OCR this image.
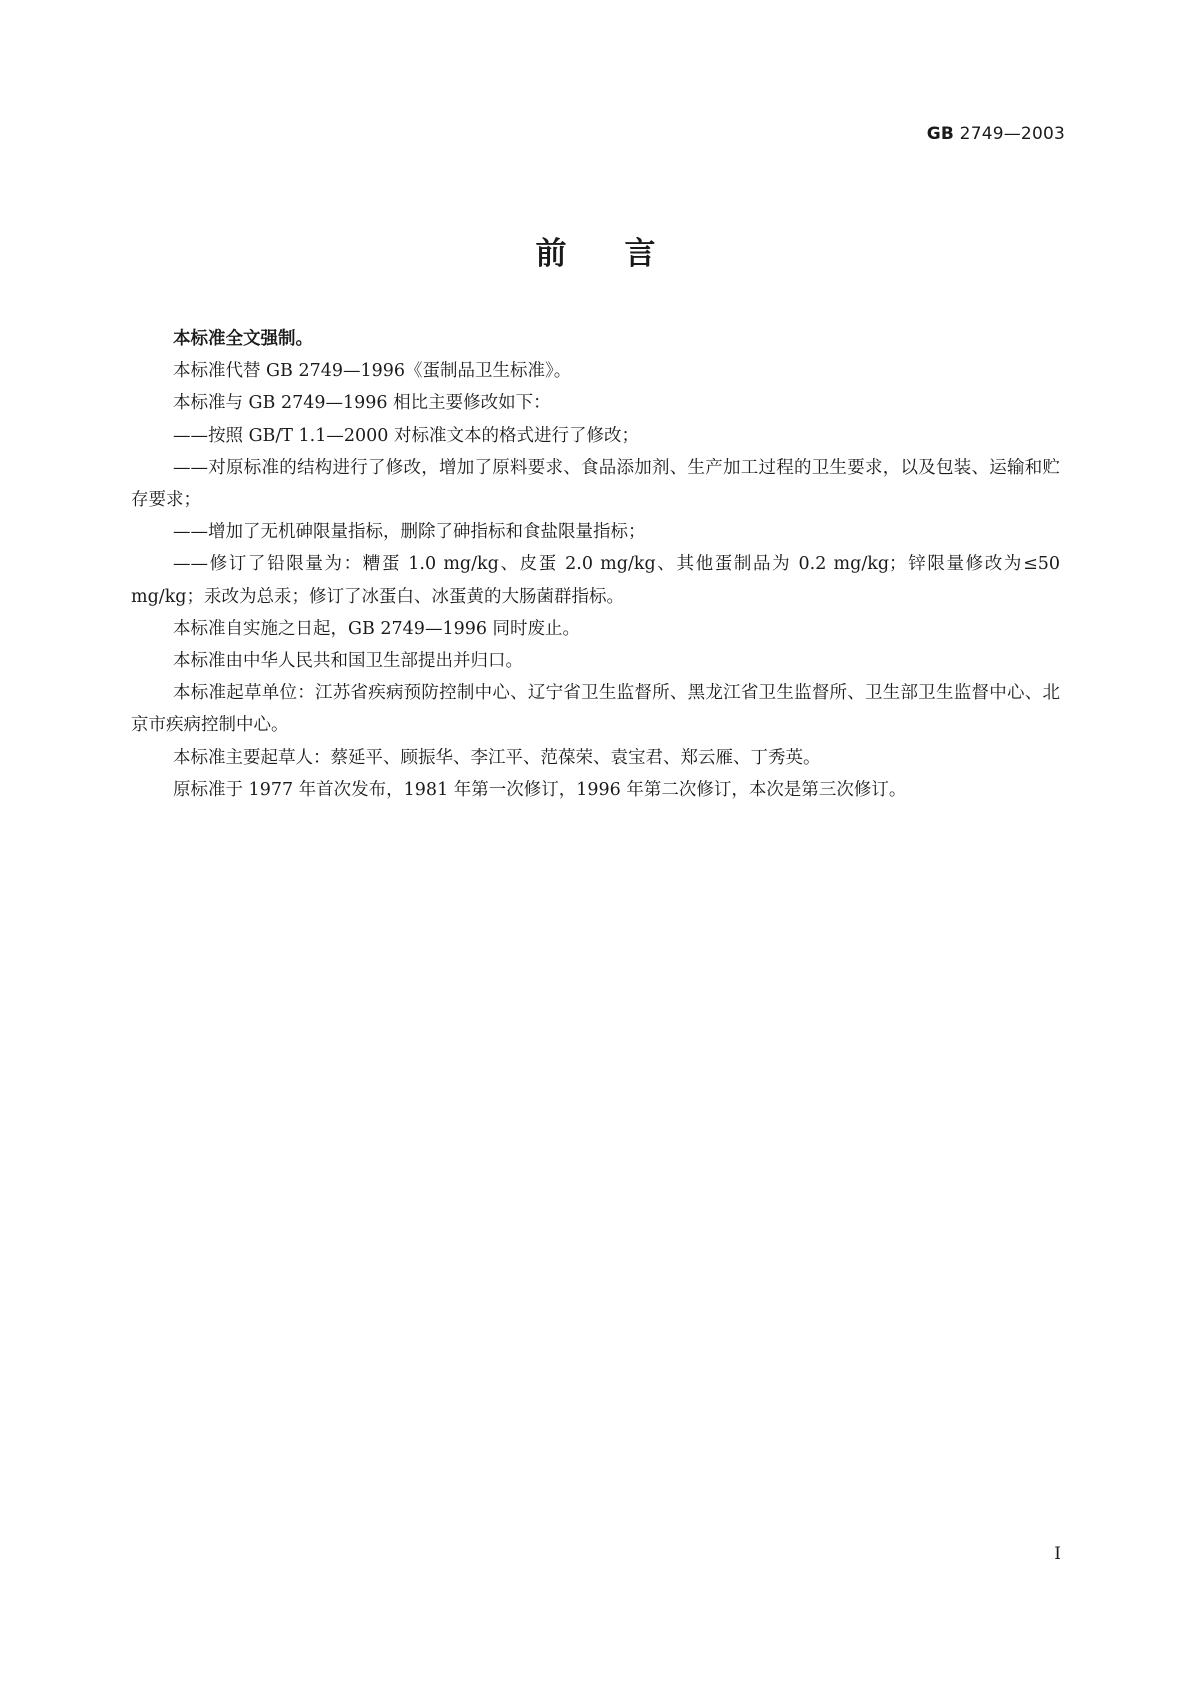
GB 2749—2003
前言

本标准全文强制。

本标准代替 GB 2749—1996《蛋制品卫生标准》。

本标准与 GB 2749—1996 相比主要修改如下：

——按照 GB/T 1.1—2000 对标准文本的格式进行了修改；

——对原标准的结构进行了修改，增加了原料要求、食品添加剂、生产加工过程的卫生要求，以及包装、运输和贮存要求；

——增加了无机砷限量指标，删除了砷指标和食盐限量指标；

——修订了铅限量为：糟蛋 1.0 mg/kg、皮蛋 2.0 mg/kg、其他蛋制品为 0.2 mg/kg；锌限量修改为≤50 mg/kg；汞改为总汞；修订了冰蛋白、冰蛋黄的大肠菌群指标。

本标准自实施之日起，GB 2749—1996 同时废止。

本标准由中华人民共和国卫生部提出并归口。

本标准起草单位：江苏省疾病预防控制中心、辽宁省卫生监督所、黑龙江省卫生监督所、卫生部卫生监督中心、北京市疾病控制中心。

本标准主要起草人：蔡延平、顾振华、李江平、范葆荣、袁宝君、郑云雁、丁秀英。

原标准于 1977 年首次发布，1981 年第一次修订，1996 年第二次修订，本次是第三次修订。

I
